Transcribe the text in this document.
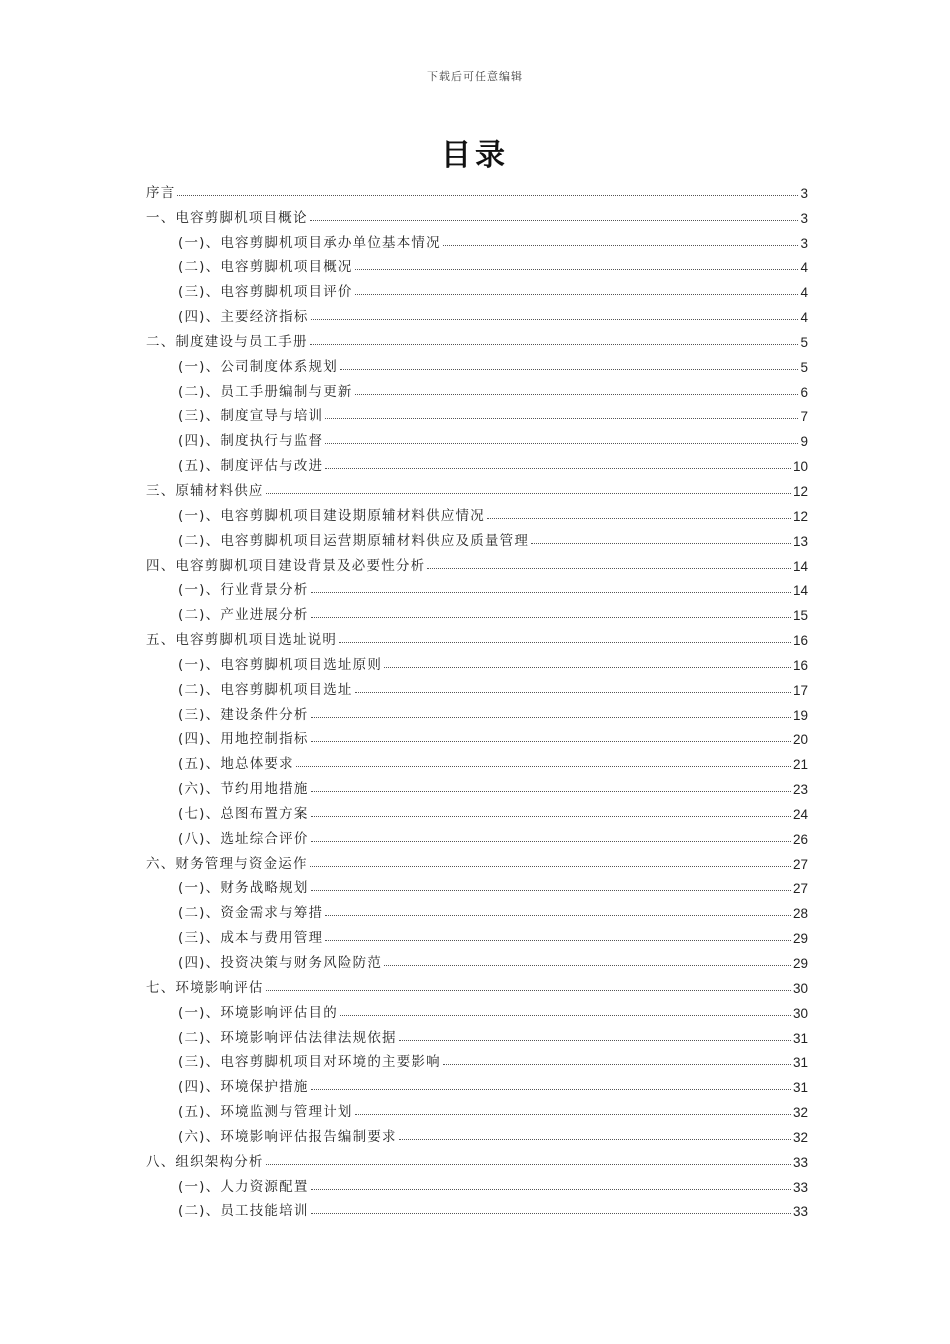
下载后可任意编辑
目录
序言	3
一、电容剪脚机项目概论	3
(一)、电容剪脚机项目承办单位基本情况	3
(二)、电容剪脚机项目概况	4
(三)、电容剪脚机项目评价	4
(四)、主要经济指标	4
二、制度建设与员工手册	5
(一)、公司制度体系规划	5
(二)、员工手册编制与更新	6
(三)、制度宣导与培训	7
(四)、制度执行与监督	9
(五)、制度评估与改进	10
三、原辅材料供应	12
(一)、电容剪脚机项目建设期原辅材料供应情况	12
(二)、电容剪脚机项目运营期原辅材料供应及质量管理	13
四、电容剪脚机项目建设背景及必要性分析	14
(一)、行业背景分析	14
(二)、产业进展分析	15
五、电容剪脚机项目选址说明	16
(一)、电容剪脚机项目选址原则	16
(二)、电容剪脚机项目选址	17
(三)、建设条件分析	19
(四)、用地控制指标	20
(五)、地总体要求	21
(六)、节约用地措施	23
(七)、总图布置方案	24
(八)、选址综合评价	26
六、财务管理与资金运作	27
(一)、财务战略规划	27
(二)、资金需求与筹措	28
(三)、成本与费用管理	29
(四)、投资决策与财务风险防范	29
七、环境影响评估	30
(一)、环境影响评估目的	30
(二)、环境影响评估法律法规依据	31
(三)、电容剪脚机项目对环境的主要影响	31
(四)、环境保护措施	31
(五)、环境监测与管理计划	32
(六)、环境影响评估报告编制要求	32
八、组织架构分析	33
(一)、人力资源配置	33
(二)、员工技能培训	33
